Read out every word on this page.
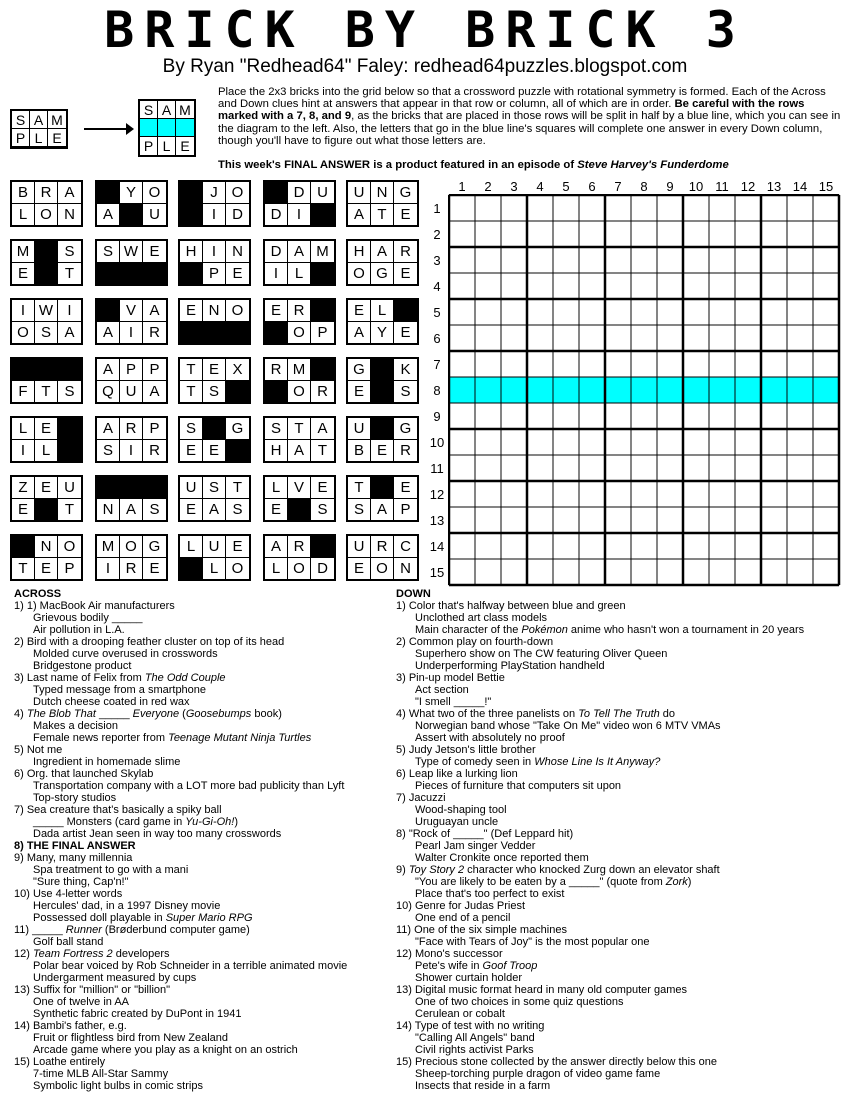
BRICK BY BRICK 3
By Ryan "Redhead64" Faley: redhead64puzzles.blogspot.com
S A M
P L E
S A M
P L E
Place the 2x3 bricks into the grid below so that a crossword puzzle with rotational symmetry is formed. Each of the Across and Down clues hint at answers that appear in that row or column, all of which are in order. Be careful with the rows marked with a 7, 8, and 9, as the bricks that are placed in those rows will be split in half by a blue line, which you can see in the diagram to the left. Also, the letters that go in the blue line's squares will complete one answer in every Down column, though you'll have to figure out what those letters are.
This week's FINAL ANSWER is a product featured in an episode of Steve Harvey's Funderdome
B R A
L O N
Y O
A	U
J O
I	D
D U
D	I
U N G
A T E
M	S
E	T
S W E	H	I	N
P E
D A M
I	L
H A R
O G E
I W I
O S A
V A
A	I	R
E N O	E R
O P
E L
A Y E
F T S
A P P
Q U A
T E X
T S
R M
O R
G	K
E	S
L E
I	L
A R P
S	I	R
S	G
E E
S T A
H A T
U	G
B E R
Z E U
E	T	N A S
U S T
E A S
L V E
E	S
T	E
S A P
N O
T E P
M O G
I	R E
L U E
L O
A R
L O D
U R C
E O N
1	2	3	4	5	6	7	8	9	10 11 12 13 14 15
1
2
3
4
5
6
7
8
9
10
11
12
13
14
15
ACROSS
1) 1) MacBook Air manufacturers
Grievous bodily _____
Air pollution in L.A.
2) Bird with a drooping feather cluster on top of its head
Molded curve overused in crosswords
Bridgestone product
3) Last name of Felix from The Odd Couple
Typed message from a smartphone
Dutch cheese coated in red wax
4) The Blob That _____ Everyone (Goosebumps book)
Makes a decision
Female news reporter from Teenage Mutant Ninja Turtles
5) Not me
Ingredient in homemade slime
6) Org. that launched Skylab
Transportation company with a LOT more bad publicity than Lyft
Top-story studios
7) Sea creature that's basically a spiky ball
_____ Monsters (card game in Yu-Gi-Oh!)
Dada artist Jean seen in way too many crosswords
8) THE FINAL ANSWER
9) Many, many millennia
Spa treatment to go with a mani
"Sure thing, Cap'n!"
10) Use 4-letter words
Hercules' dad, in a 1997 Disney movie
Possessed doll playable in Super Mario RPG
11) _____ Runner (Brøderbund computer game)
Golf ball stand
12) Team Fortress 2 developers
Polar bear voiced by Rob Schneider in a terrible animated movie
Undergarment measured by cups
13) Suffix for "million" or "billion"
One of twelve in AA
Synthetic fabric created by DuPont in 1941
14) Bambi's father, e.g.
Fruit or flightless bird from New Zealand
Arcade game where you play as a knight on an ostrich
15) Loathe entirely
7-time MLB All-Star Sammy
Symbolic light bulbs in comic strips
DOWN
1) Color that's halfway between blue and green
Unclothed art class models
Main character of the Pokémon anime who hasn't won a tournament in 20 years
2) Common play on fourth-down
Superhero show on The CW featuring Oliver Queen
Underperforming PlayStation handheld
3) Pin-up model Bettie
Act section
"I smell _____!"
4) What two of the three panelists on To Tell The Truth do
Norwegian band whose "Take On Me" video won 6 MTV VMAs
Assert with absolutely no proof
5) Judy Jetson's little brother
Type of comedy seen in Whose Line Is It Anyway?
6) Leap like a lurking lion
Pieces of furniture that computers sit upon
7) Jacuzzi
Wood-shaping tool
Uruguayan uncle
8) "Rock of _____" (Def Leppard hit)
Pearl Jam singer Vedder
Walter Cronkite once reported them
9) Toy Story 2 character who knocked Zurg down an elevator shaft
"You are likely to be eaten by a _____" (quote from Zork)
Place that's too perfect to exist
10) Genre for Judas Priest
One end of a pencil
11) One of the six simple machines
"Face with Tears of Joy" is the most popular one
12) Mono's successor
Pete's wife in Goof Troop
Shower curtain holder
13) Digital music format heard in many old computer games
One of two choices in some quiz questions
Cerulean or cobalt
14) Type of test with no writing
"Calling All Angels" band
Civil rights activist Parks
15) Precious stone collected by the answer directly below this one
Sheep-torching purple dragon of video game fame
Insects that reside in a farm
